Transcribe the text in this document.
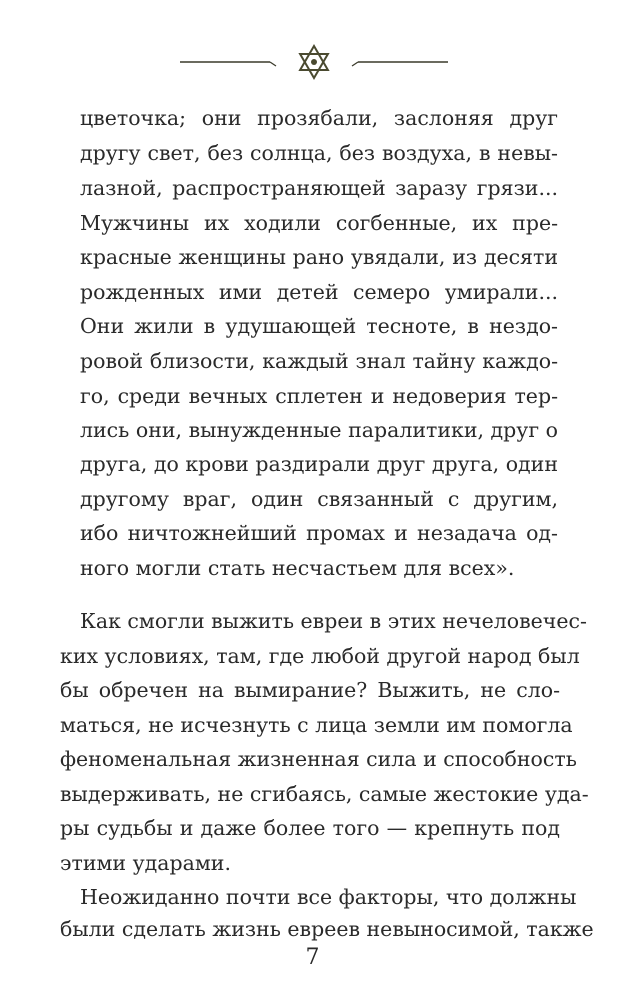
цветочка; они прозябали, заслоняя друг
другу свет, без солнца, без воздуха, в невы-
лазной, распространяющей заразу грязи...
Мужчины их ходили согбенные, их пре-
красные женщины рано увядали, из десяти
рожденных ими детей семеро умирали...
Они жили в удушающей тесноте, в нездо-
ровой близости, каждый знал тайну каждо-
го, среди вечных сплетен и недоверия тер-
лись они, вынужденные паралитики, друг о
друга, до крови раздирали друг друга, один
другому враг, один связанный с другим,
ибо ничтожнейший промах и незадача од-
ного могли стать несчастьем для всех».
Как смогли выжить евреи в этих нечеловечес-
ких условиях, там, где любой другой народ был
бы обречен на вымирание? Выжить, не сло-
маться, не исчезнуть с лица земли им помогла
феноменальная жизненная сила и способность
выдерживать, не сгибаясь, самые жестокие уда-
ры судьбы и даже более того — крепнуть под
этими ударами.
Неожиданно почти все факторы, что должны
были сделать жизнь евреев невыносимой, также
7
